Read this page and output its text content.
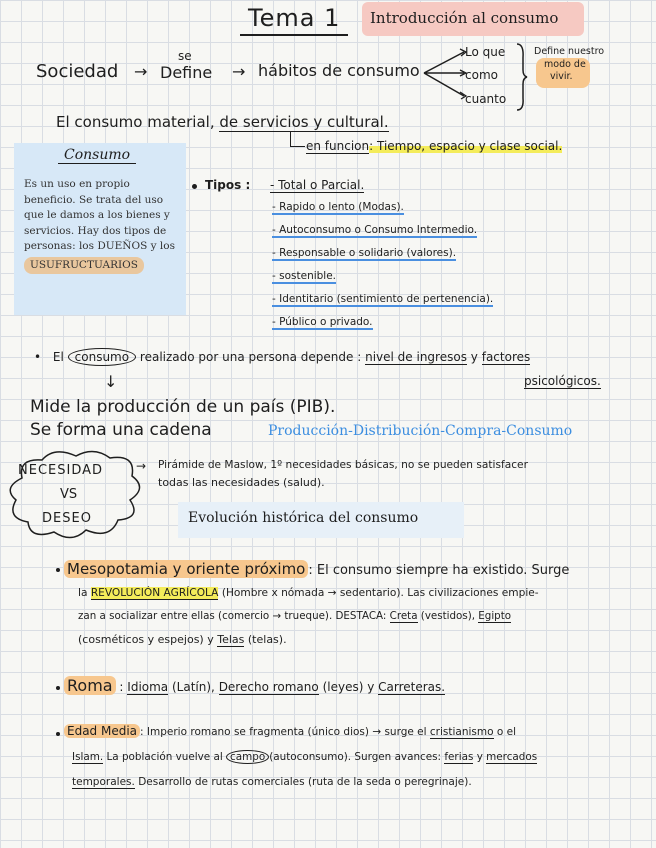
Tema 1	Introducción al consumo
Sociedad →
se
Define → hábitos de consumo
Lo que
como
cuanto
Define nuestro
modo de
vivir.
El consumo material, de servicios y cultural.
en funcion: Tiempo, espacio y clase social.
Consumo
Es un uso en propio beneficio. Se trata del uso que le damos a los bienes y servicios. Hay dos tipos de personas: los DUEÑOS y los USUFRUCTUARIOS
Tipos : - Total o Parcial.
- Rapido o lento (Modas).
- Autoconsumo o Consumo Intermedio.
- Responsable o solidario (valores).
- sostenible.
- Identitario (sentimiento de pertenencia).
- Público o privado.
• El consumo realizado por una persona depende : nivel de ingresos y factores
psicológicos.
↓
Mide la producción de un país (PIB).
Se forma una cadena	Producción-Distribución-Compra-Consumo
NECESIDAD
VS
DESEO
→ Pirámide de Maslow, 1º necesidades básicas, no se pueden satisfacer
todas las necesidades (salud).
Evolución histórica del consumo
Mesopotamia y oriente próximo : El consumo siempre ha existido. Surge
la REVOLUCIÓN AGRÍCOLA (Hombre x nómada → sedentario). Las civilizaciones empie-
zan a socializar entre ellas (comercio → trueque). DESTACA: Creta (vestidos), Egipto
(cosméticos y espejos) y Telas (telas).
Roma : Idioma (Latín), Derecho romano (leyes) y Carreteras.
Edad Media : Imperio romano se fragmenta (único dios) → surge el cristianismo o el
Islam. La población vuelve al campo (autoconsumo). Surgen avances: ferias y mercados
temporales. Desarrollo de rutas comerciales (ruta de la seda o peregrinaje).
